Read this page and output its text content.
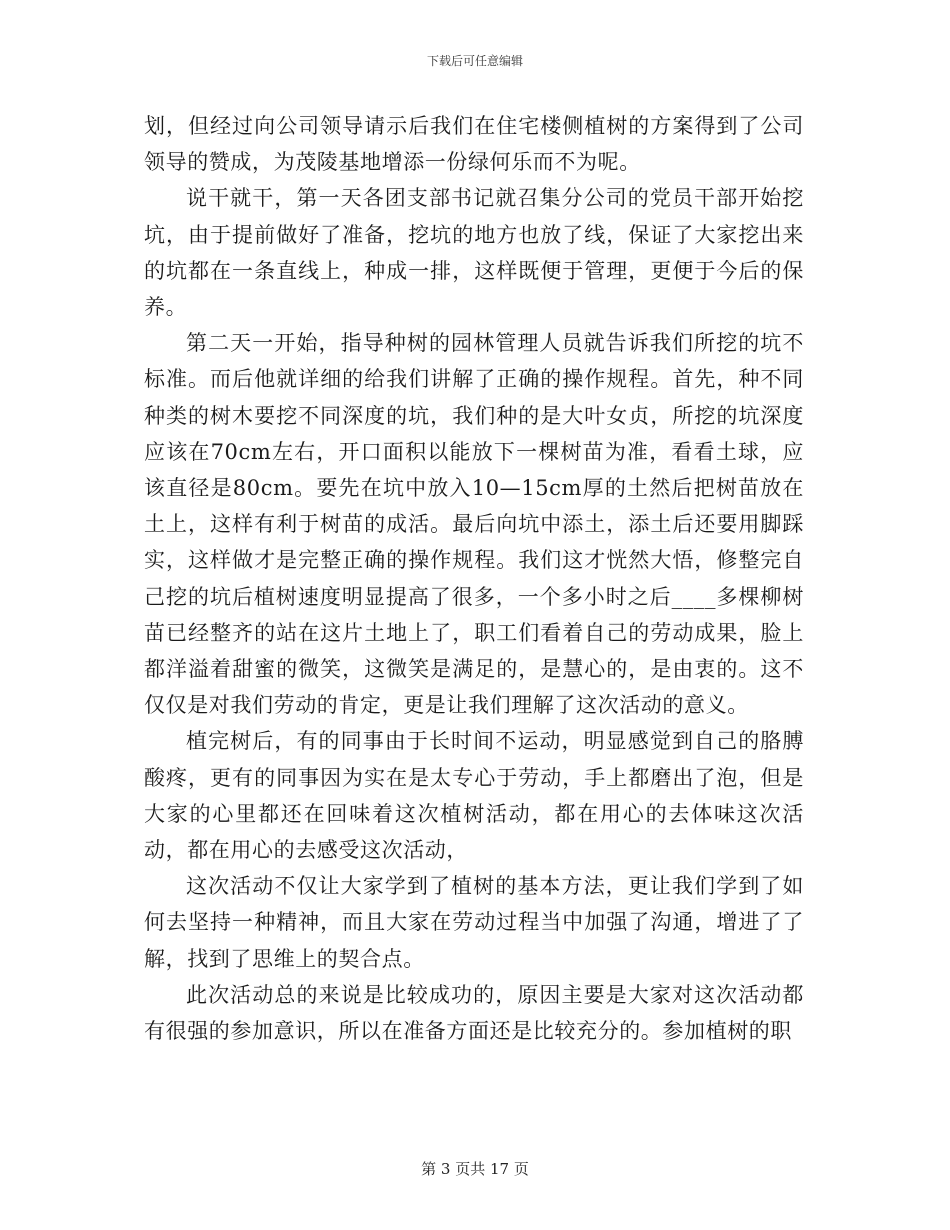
下载后可任意编辑

划，但经过向公司领导请示后我们在住宅楼侧植树的方案得到了公司领导的赞成，为茂陵基地增添一份绿何乐而不为呢。

说干就干，第一天各团支部书记就召集分公司的党员干部开始挖坑，由于提前做好了准备，挖坑的地方也放了线，保证了大家挖出来的坑都在一条直线上，种成一排，这样既便于管理，更便于今后的保养。

第二天一开始，指导种树的园林管理人员就告诉我们所挖的坑不标准。而后他就详细的给我们讲解了正确的操作规程。首先，种不同种类的树木要挖不同深度的坑，我们种的是大叶女贞，所挖的坑深度应该在70cm左右，开口面积以能放下一棵树苗为准，看看土球，应该直径是80cm。要先在坑中放入10—15cm厚的土然后把树苗放在土上，这样有利于树苗的成活。最后向坑中添土，添土后还要用脚踩实，这样做才是完整正确的操作规程。我们这才恍然大悟，修整完自己挖的坑后植树速度明显提高了很多，一个多小时之后____多棵柳树苗已经整齐的站在这片土地上了，职工们看着自己的劳动成果，脸上都洋溢着甜蜜的微笑，这微笑是满足的，是慧心的，是由衷的。这不仅仅是对我们劳动的肯定，更是让我们理解了这次活动的意义。

植完树后，有的同事由于长时间不运动，明显感觉到自己的胳膊酸疼，更有的同事因为实在是太专心于劳动，手上都磨出了泡，但是大家的心里都还在回味着这次植树活动，都在用心的去体味这次活动，都在用心的去感受这次活动，

这次活动不仅让大家学到了植树的基本方法，更让我们学到了如何去坚持一种精神，而且大家在劳动过程当中加强了沟通，增进了了解，找到了思维上的契合点。

此次活动总的来说是比较成功的，原因主要是大家对这次活动都有很强的参加意识，所以在准备方面还是比较充分的。参加植树的职

第 3 页共 17 页
